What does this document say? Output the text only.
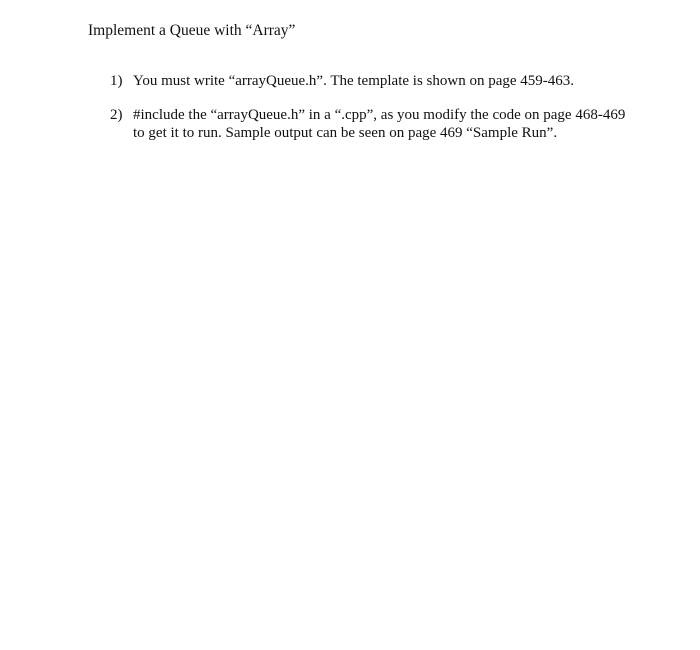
Implement a Queue with “Array”
1) You must write “arrayQueue.h”. The template is shown on page 459-463.
2) #include the “arrayQueue.h” in a “.cpp”, as you modify the code on page 468-469 to get it to run. Sample output can be seen on page 469 “Sample Run”.
